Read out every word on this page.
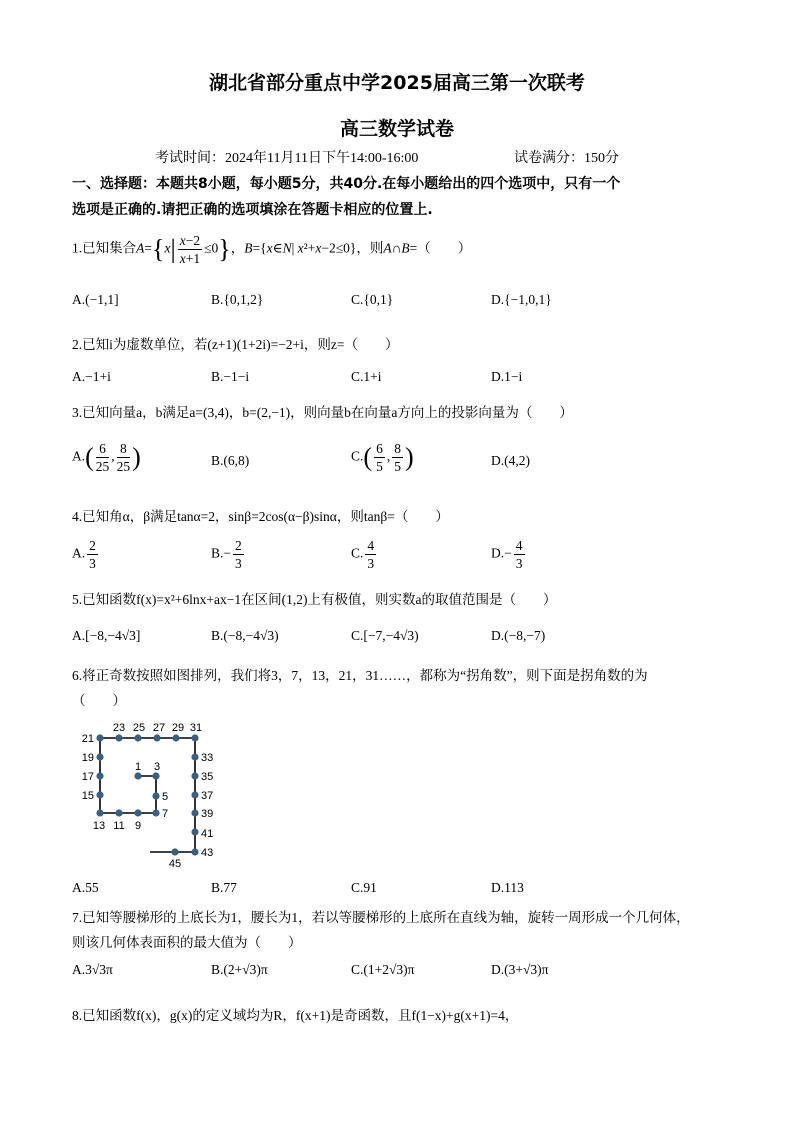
湖北省部分重点中学2025届高三第一次联考
高三数学试卷
考试时间：2024年11月11日下午14:00-16:00	试卷满分：150分
一、选择题：本题共8小题，每小题5分，共40分.在每小题给出的四个选项中，只有一个
选项是正确的.请把正确的选项填涂在答题卡相应的位置上.
1.已知集合$A=\{x| \frac{x-2}{x+1} \le 0\}$，B={x∈N| x²+x−2≤0}，则A∩B=（　　）
A.(−1,1]	B.{0,1,2}	C.{0,1}	D.{−1,0,1}
2.已知i为虚数单位，若(z+1)(1+2i)=−2+i，则z=（　　）
A.−1+i	B.−1−i	C.1+i	D.1−i
3.已知向量a，b满足a=(3,4)，b=(2,−1)，则向量b在向量a方向上的投影向量为（　　）
$A.( \frac{6}{25}$ , $\frac{8}{25}$ )	B.(6,8)	$C.( \frac{6}{5}$ , $\frac{8}{5}$ )	D.(4,2)
4.已知角α，β满足tanα=2，sinβ=2cos(α−β)sinα，则tanβ=（　　）
A. $\frac{2}{3}$	$B.- \frac{2}{3}$	C. $\frac{4}{3}$	$D.- \frac{4}{3}$
5.已知函数f(x)=x²+6lnx+ax−1在区间(1,2)上有极值，则实数a的取值范围是（　　）
A.[−8,−4√3]	B.(−8,−4√3)	C.[−7,−4√3)	D.(−8,−7)
6.将正奇数按照如图排列，我们将3，7，13，21，31……，都称为“拐角数”，则下面是拐角数的为
（　　）
1 3
5
7
9
11
13
15
17
19
21
23 25 27 29 31
33
35
37
39
41
43
45
A.55	B.77	C.91	D.113
7.已知等腰梯形的上底长为1，腰长为1，若以等腰梯形的上底所在直线为轴，旋转一周形成一个几何体，
则该几何体表面积的最大值为（　　）
A.3√3π	B.(2+√3)π	C.(1+2√3)π	D.(3+√3)π
8.已知函数f(x)，g(x)的定义域均为R，f(x+1)是奇函数，且f(1−x)+g(x+1)=4，
